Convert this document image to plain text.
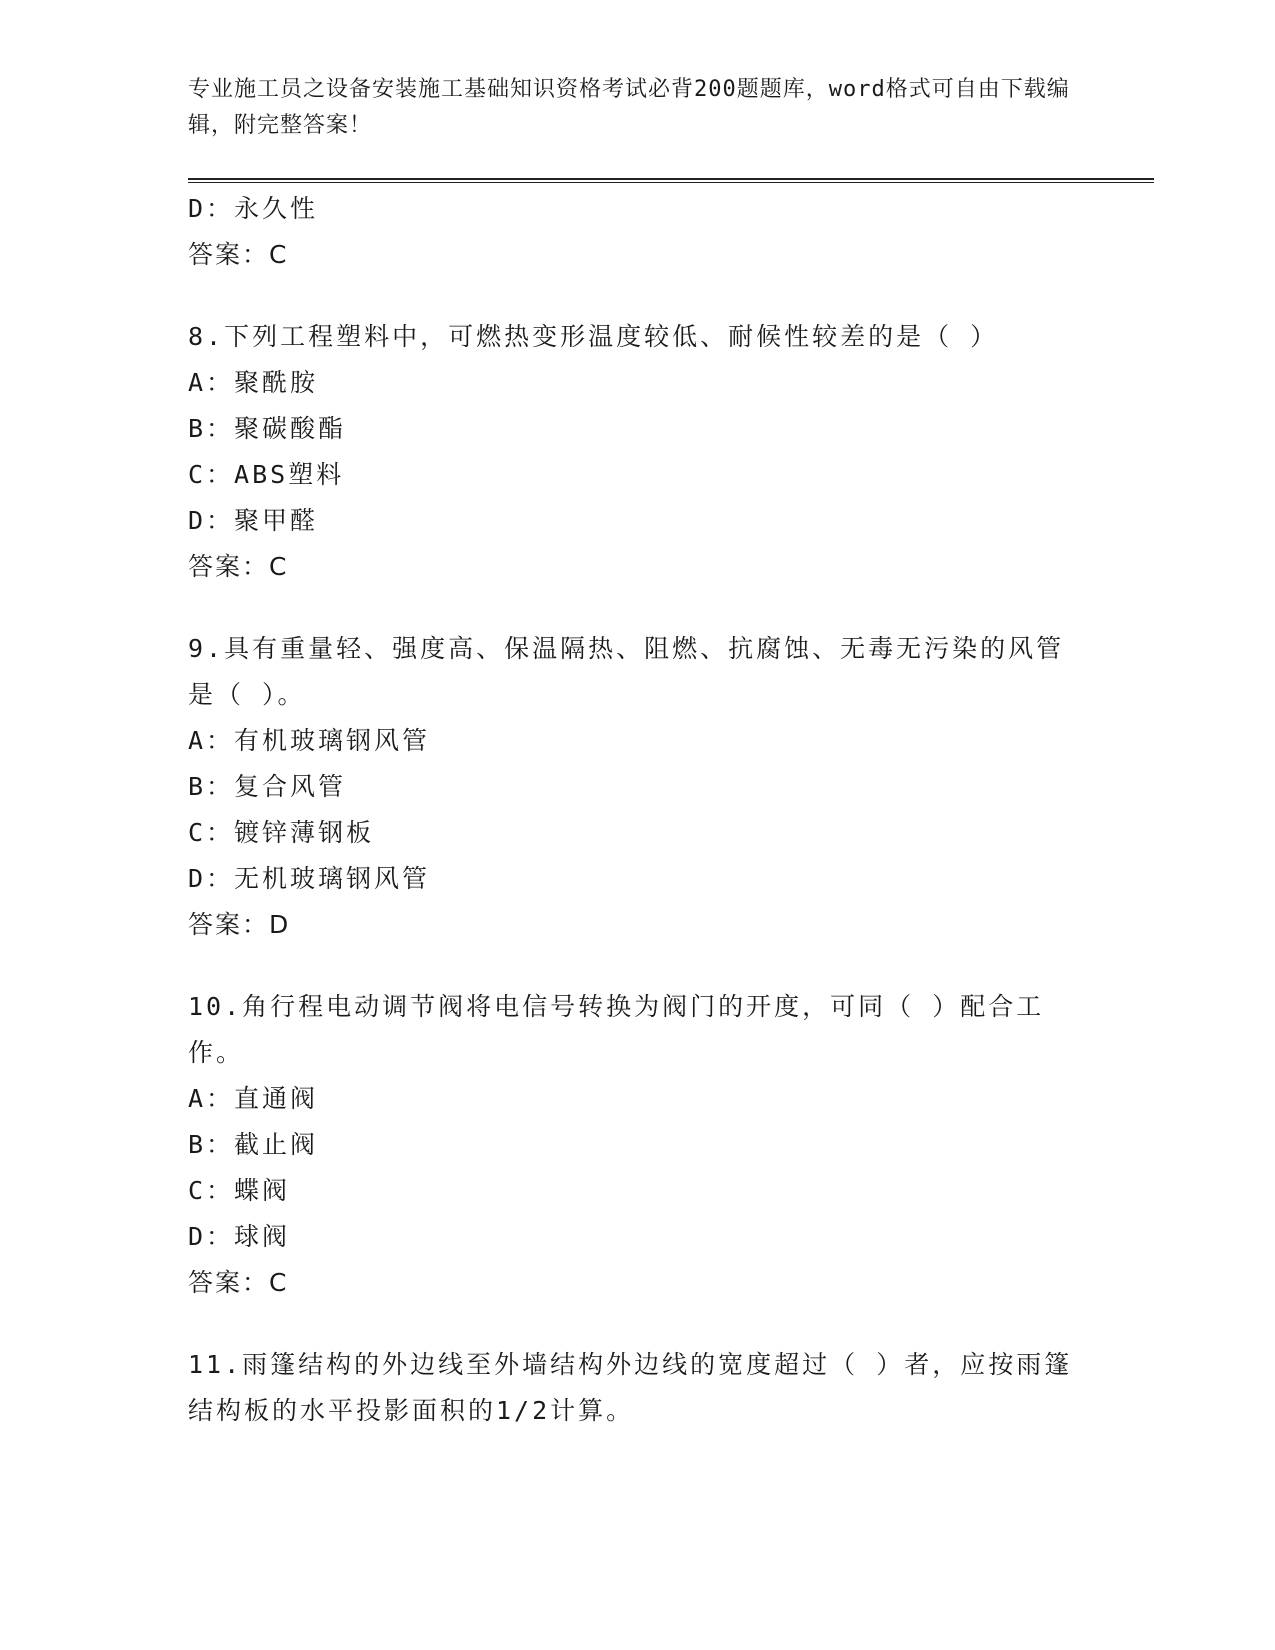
专业施工员之设备安装施工基础知识资格考试必背200题题库，word格式可自由下载编辑，附完整答案！
D：永久性
答案：C
8.下列工程塑料中，可燃热变形温度较低、耐候性较差的是（ ）
A：聚酰胺
B：聚碳酸酯
C：ABS塑料
D：聚甲醛
答案：C
9.具有重量轻、强度高、保温隔热、阻燃、抗腐蚀、无毒无污染的风管是（ ）。
A：有机玻璃钢风管
B：复合风管
C：镀锌薄钢板
D：无机玻璃钢风管
答案：D
10.角行程电动调节阀将电信号转换为阀门的开度，可同（ ）配合工作。
A：直通阀
B：截止阀
C：蝶阀
D：球阀
答案：C
11.雨篷结构的外边线至外墙结构外边线的宽度超过（ ）者，应按雨篷结构板的水平投影面积的1/2计算。
